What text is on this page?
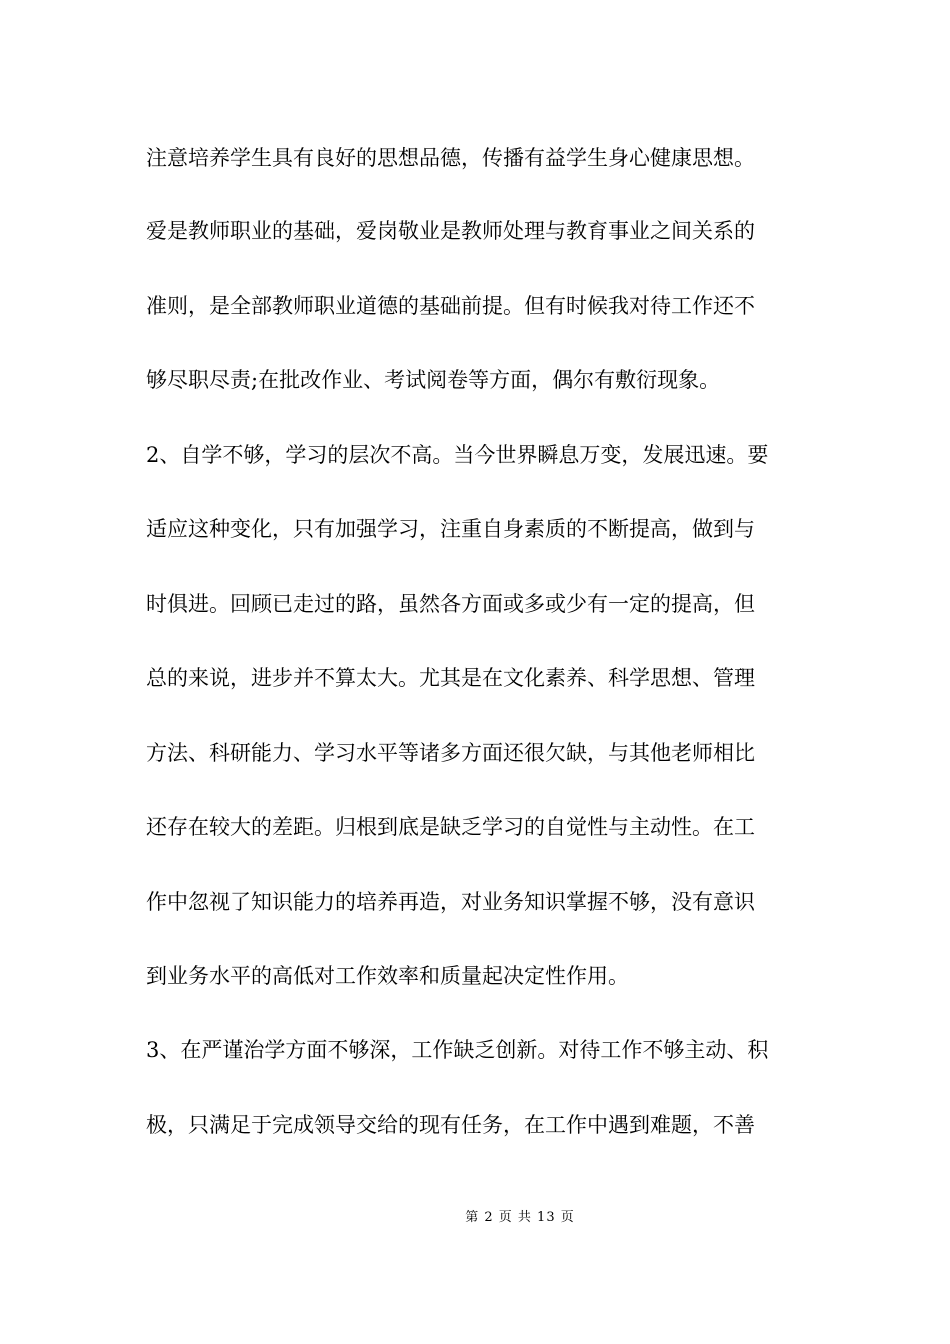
注意培养学生具有良好的思想品德，传播有益学生身心健康思想。
爱是教师职业的基础，爱岗敬业是教师处理与教育事业之间关系的
准则，是全部教师职业道德的基础前提。但有时候我对待工作还不
够尽职尽责;在批改作业、考试阅卷等方面，偶尔有敷衍现象。
2、自学不够，学习的层次不高。当今世界瞬息万变，发展迅速。要
适应这种变化，只有加强学习，注重自身素质的不断提高，做到与
时俱进。回顾已走过的路，虽然各方面或多或少有一定的提高，但
总的来说，进步并不算太大。尤其是在文化素养、科学思想、管理
方法、科研能力、学习水平等诸多方面还很欠缺，与其他老师相比
还存在较大的差距。归根到底是缺乏学习的自觉性与主动性。在工
作中忽视了知识能力的培养再造，对业务知识掌握不够，没有意识
到业务水平的高低对工作效率和质量起决定性作用。
3、在严谨治学方面不够深，工作缺乏创新。对待工作不够主动、积
极，只满足于完成领导交给的现有任务，在工作中遇到难题，不善
第 2 页 共 13 页
